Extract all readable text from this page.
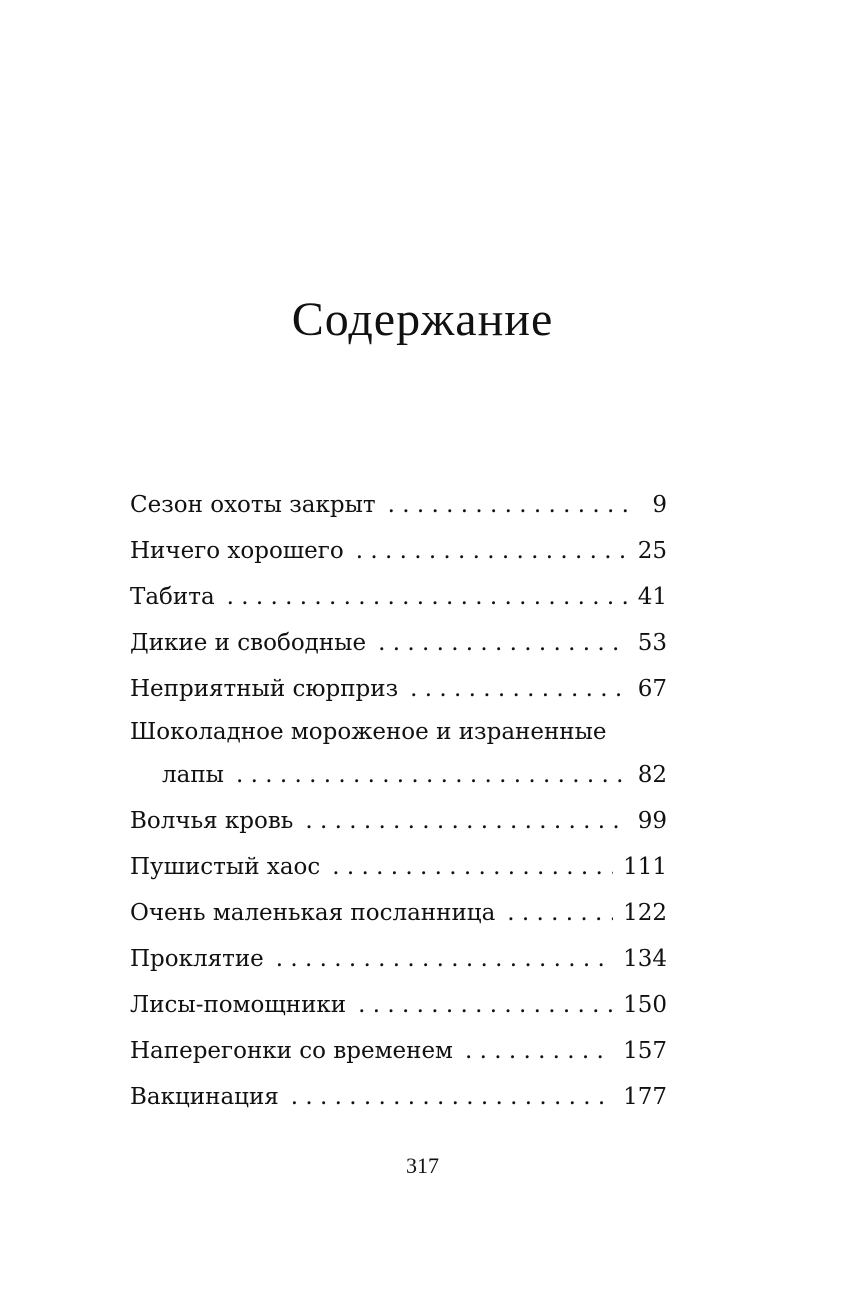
Содержание
Сезон охоты закрыт . . .	9
Ничего хорошего . . .	25
Табита . . .	41
Дикие и свободные . . .	53
Неприятный сюрприз . . .	67
Шоколадное мороженое и израненные
лапы . . .	82
Волчья кровь . . .	99
Пушистый хаос . . .	111
Очень маленькая посланница . . .	122
Проклятие . . .	134
Лисы-помощники . . .	150
Наперегонки со временем . . .	157
Вакцинация . . .	177
317
